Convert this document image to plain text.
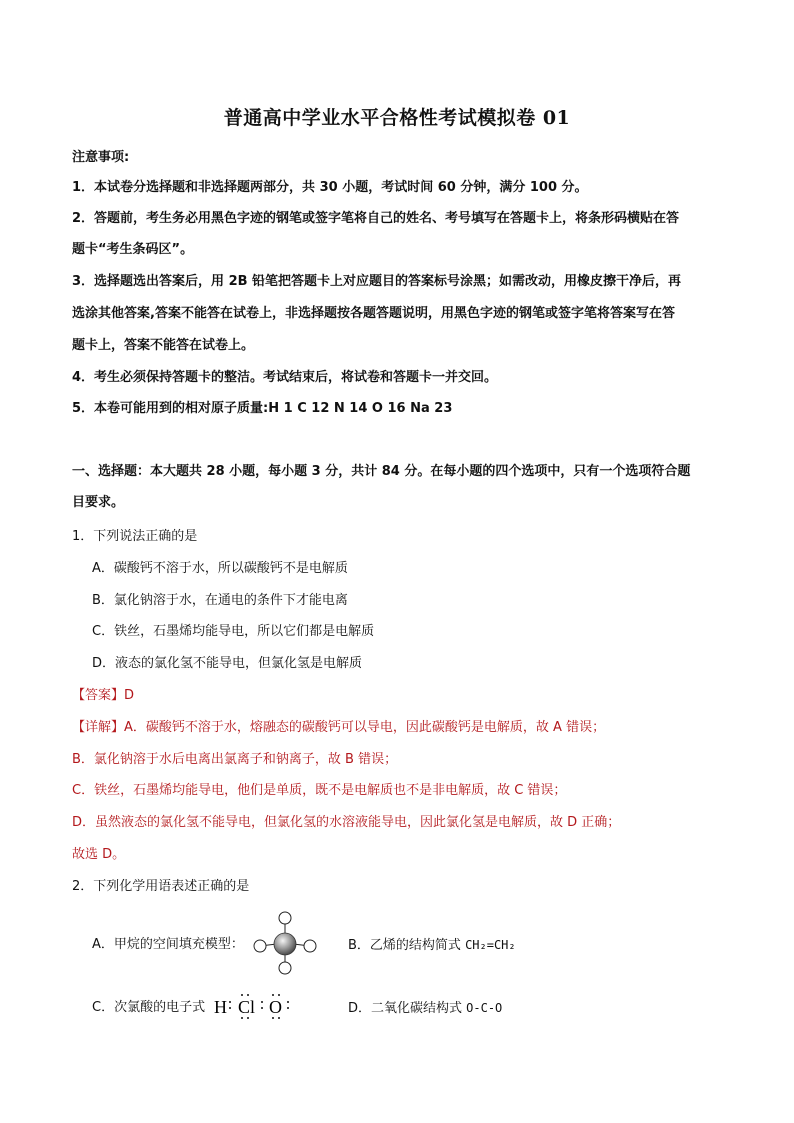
普通高中学业水平合格性考试模拟卷 01
注意事项:
1．本试卷分选择题和非选择题两部分，共 30 小题，考试时间 60 分钟，满分 100 分。
2．答题前，考生务必用黑色字迹的钢笔或签字笔将自己的姓名、考号填写在答题卡上，将条形码横贴在答
题卡“考生条码区”。
3．选择题选出答案后，用 2B 铅笔把答题卡上对应题目的答案标号涂黑；如需改动，用橡皮擦干净后，再
选涂其他答案,答案不能答在试卷上，非选择题按各题答题说明，用黑色字迹的钢笔或签字笔将答案写在答
题卡上，答案不能答在试卷上。
4．考生必须保持答题卡的整洁。考试结束后，将试卷和答题卡一并交回。
5．本卷可能用到的相对原子质量:H 1 C 12 N 14 O 16 Na 23
一、选择题：本大题共 28 小题，每小题 3 分，共计 84 分。在每小题的四个选项中，只有一个选项符合题
目要求。
1．下列说法正确的是
A．碳酸钙不溶于水，所以碳酸钙不是电解质
B．氯化钠溶于水，在通电的条件下才能电离
C．铁丝，石墨烯均能导电，所以它们都是电解质
D．液态的氯化氢不能导电，但氯化氢是电解质
【答案】D
【详解】A．碳酸钙不溶于水，熔融态的碳酸钙可以导电，因此碳酸钙是电解质，故 A 错误；
B．氯化钠溶于水后电离出氯离子和钠离子，故 B 错误；
C．铁丝，石墨烯均能导电，他们是单质，既不是电解质也不是非电解质，故 C 错误；
D．虽然液态的氯化氢不能导电，但氯化氢的水溶液能导电，因此氯化氢是电解质，故 D 正确；
故选 D。
2．下列化学用语表述正确的是
A．甲烷的空间填充模型：	B．乙烯的结构简式 CH₂=CH₂
C．次氯酸的电子式 H Cl O	D．二氧化碳结构式 O-C-O
